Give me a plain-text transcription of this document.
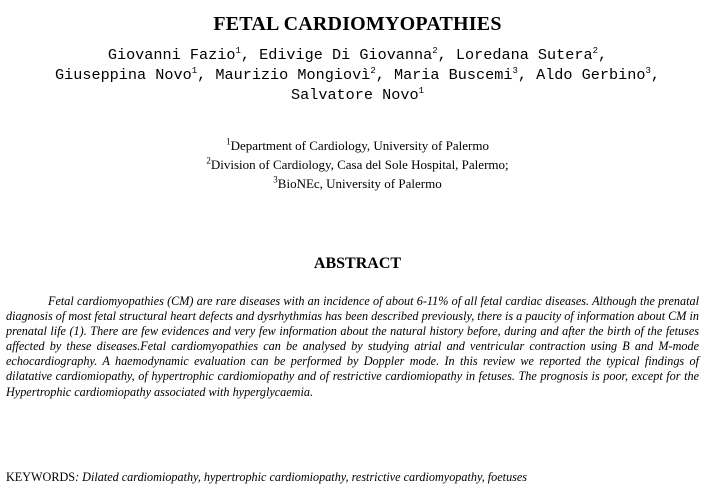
FETAL CARDIOMYOPATHIES
Giovanni Fazio$^1$, Edivige Di Giovanna$^2$, Loredana Sutera$^2$,
Giuseppina Novo$^1$, Maurizio Mongiovì$^2$, Maria Buscemi$^3$, Aldo Gerbino$^3$, Salvatore Novo$^1$
$^1$Department of Cardiology, University of Palermo
$^2$Division of Cardiology, Casa del Sole Hospital, Palermo;
$^3$BioNEc, University of Palermo
ABSTRACT

Fetal cardiomyopathies (CM) are rare diseases with an incidence of about 6-11% of all fetal cardiac diseases. Although the prenatal diagnosis of most fetal structural heart defects and dysrhythmias has been described previously, there is a paucity of information about CM in prenatal life (1). There are few evidences and very few information about the natural history before, during and after the birth of the fetuses affected by these diseases.Fetal cardiomyopathies can be analysed by studying atrial and ventricular contraction using B and M-mode echocardiography. A haemodynamic evaluation can be performed by Doppler mode. In this review we reported the typical findings of dilatative cardiomiopathy, of hypertrophic cardiomiopathy and of restrictive cardiomiopathy in fetuses. The prognosis is poor, except for the Hypertrophic cardiomiopathy associated with hyperglycaemia.

KEYWORDS: Dilated cardiomiopathy, hypertrophic cardiomiopathy, restrictive cardiomyopathy, foetuses
